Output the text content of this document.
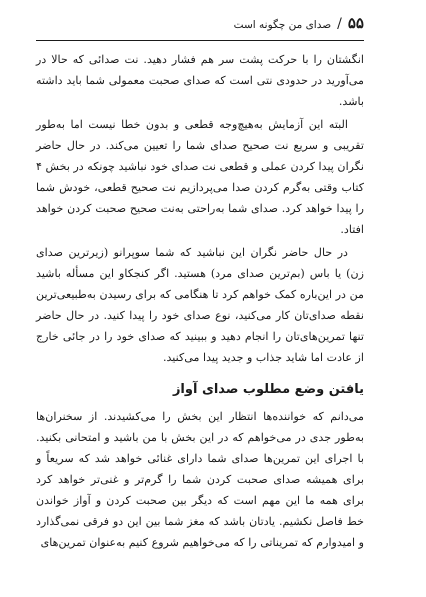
۵۵
/
صدای من چگونه است

انگشتان را با حرکت پشت سر هم فشار دهید. نت صدائی که حالا در می‌آورید در حدودی نتی است که صدای صحبت معمولی شما باید داشته باشد.

البته این آزمایش به‌هیچ‌وجه قطعی و بدون خطا نیست اما به‌طور تقریبی و سریع نت صحیح صدای شما را تعیین می‌کند. در حال حاضر نگران پیدا کردن عملی و قطعی نت صدای خود نباشید چونکه در بخش ۴ کتاب وقتی به‌گرم کردن صدا می‌پردازیم نت صحیح قطعی، خودش شما را پیدا خواهد کرد. صدای شما به‌راحتی به‌نت صحیح صحبت کردن خواهد افتاد.

در حال حاضر نگران این نباشید که شما سوپرانو (زیرترین صدای زن) یا باس (بم‌ترین صدای مرد) هستید. اگر کنجکاو این مسأله باشید من در این‌باره کمک خواهم کرد تا هنگامی که برای رسیدن به‌طبیعی‌ترین نقطه صدای‌تان کار می‌کنید، نوع صدای خود را پیدا کنید. در حال حاضر تنها تمرین‌های‌تان را انجام دهید و ببینید که صدای خود را در جائی خارج از عادت اما شاید جذاب و جدید پیدا می‌کنید.

یافتن وضع مطلوب صدای آواز

می‌دانم که خواننده‌ها انتظار این بخش را می‌کشیدند. از سخنران‌ها به‌طور جدی در می‌خواهم که در این بخش با من باشید و امتحانی بکنید. با اجرای این تمرین‌ها صدای شما دارای غنائی خواهد شد که سریعاً و برای همیشه صدای صحبت کردن شما را گرم‌تر و غنی‌تر خواهد کرد برای همه ما این مهم است که دیگر بین صحبت کردن و آواز خواندن خط فاصل نکشیم. یادتان باشد که مغز شما بین این دو فرقی نمی‌گذارد و امیدوارم که تمریناتی را که می‌خواهیم شروع کنیم به‌عنوان تمرین‌های
